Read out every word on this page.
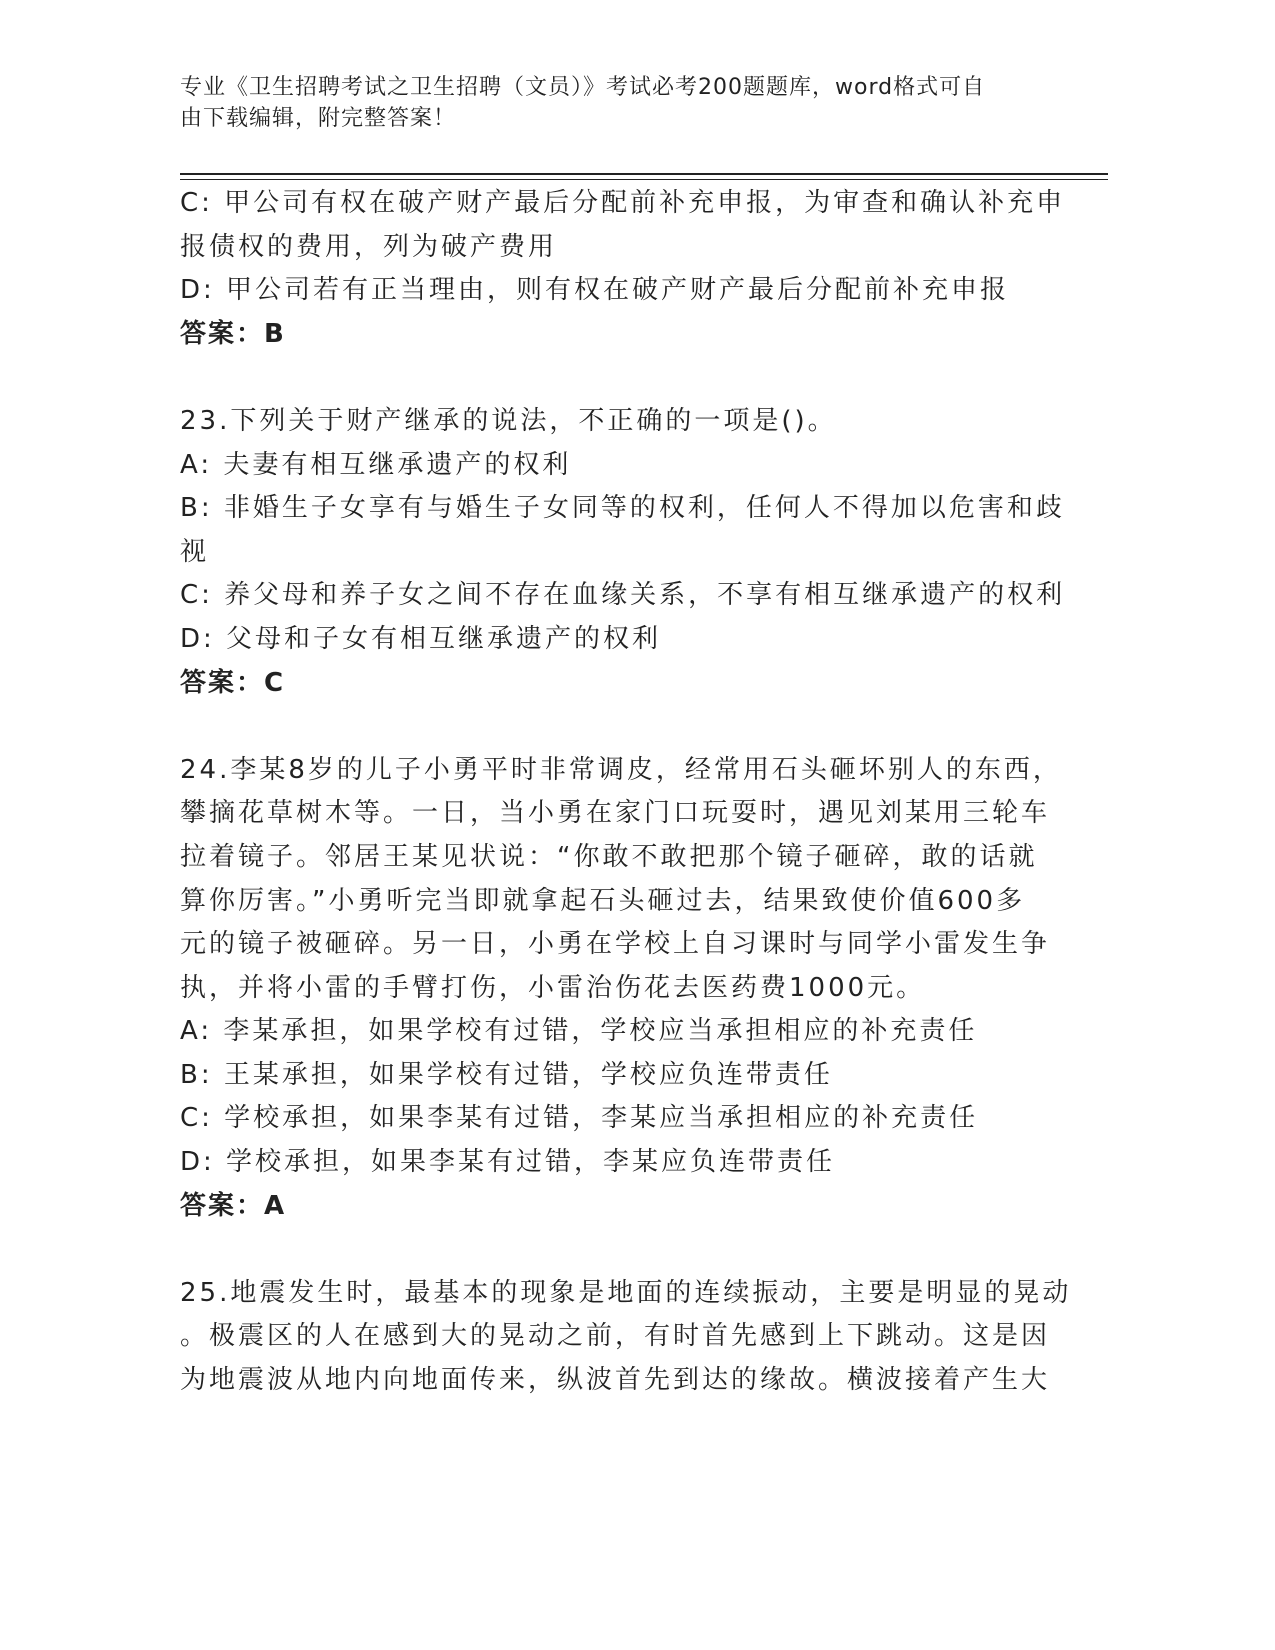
专业《卫生招聘考试之卫生招聘（文员）》考试必考200题题库，word格式可自
由下载编辑，附完整答案！
C: 甲公司有权在破产财产最后分配前补充申报，为审查和确认补充申
报债权的费用，列为破产费用
D: 甲公司若有正当理由，则有权在破产财产最后分配前补充申报
答案：B
23.下列关于财产继承的说法，不正确的一项是()。
A: 夫妻有相互继承遗产的权利
B: 非婚生子女享有与婚生子女同等的权利，任何人不得加以危害和歧
视
C: 养父母和养子女之间不存在血缘关系，不享有相互继承遗产的权利
D: 父母和子女有相互继承遗产的权利
答案：C
24.李某8岁的儿子小勇平时非常调皮，经常用石头砸坏别人的东西，
攀摘花草树木等。一日，当小勇在家门口玩耍时，遇见刘某用三轮车
拉着镜子。邻居王某见状说：“你敢不敢把那个镜子砸碎，敢的话就
算你厉害。”小勇听完当即就拿起石头砸过去，结果致使价值600多
元的镜子被砸碎。另一日，小勇在学校上自习课时与同学小雷发生争
执，并将小雷的手臂打伤，小雷治伤花去医药费1000元。
A: 李某承担，如果学校有过错，学校应当承担相应的补充责任
B: 王某承担，如果学校有过错，学校应负连带责任
C: 学校承担，如果李某有过错，李某应当承担相应的补充责任
D: 学校承担，如果李某有过错，李某应负连带责任
答案：A
25.地震发生时，最基本的现象是地面的连续振动，主要是明显的晃动
。极震区的人在感到大的晃动之前，有时首先感到上下跳动。这是因
为地震波从地内向地面传来，纵波首先到达的缘故。横波接着产生大
